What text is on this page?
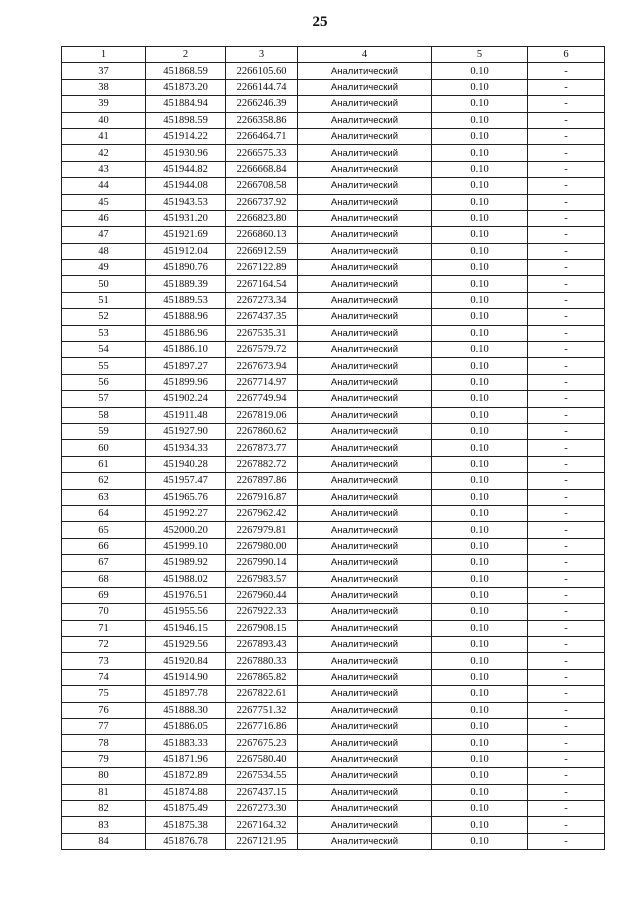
25
1	2	3	4	5	6
37	451868.59	2266105.60	Аналитический	0.10	-
38	451873.20	2266144.74	Аналитический	0.10	-
39	451884.94	2266246.39	Аналитический	0.10	-
40	451898.59	2266358.86	Аналитический	0.10	-
41	451914.22	2266464.71	Аналитический	0.10	-
42	451930.96	2266575.33	Аналитический	0.10	-
43	451944.82	2266668.84	Аналитический	0.10	-
44	451944.08	2266708.58	Аналитический	0.10	-
45	451943.53	2266737.92	Аналитический	0.10	-
46	451931.20	2266823.80	Аналитический	0.10	-
47	451921.69	2266860.13	Аналитический	0.10	-
48	451912.04	2266912.59	Аналитический	0.10	-
49	451890.76	2267122.89	Аналитический	0.10	-
50	451889.39	2267164.54	Аналитический	0.10	-
51	451889.53	2267273.34	Аналитический	0.10	-
52	451888.96	2267437.35	Аналитический	0.10	-
53	451886.96	2267535.31	Аналитический	0.10	-
54	451886.10	2267579.72	Аналитический	0.10	-
55	451897.27	2267673.94	Аналитический	0.10	-
56	451899.96	2267714.97	Аналитический	0.10	-
57	451902.24	2267749.94	Аналитический	0.10	-
58	451911.48	2267819.06	Аналитический	0.10	-
59	451927.90	2267860.62	Аналитический	0.10	-
60	451934.33	2267873.77	Аналитический	0.10	-
61	451940.28	2267882.72	Аналитический	0.10	-
62	451957.47	2267897.86	Аналитический	0.10	-
63	451965.76	2267916.87	Аналитический	0.10	-
64	451992.27	2267962.42	Аналитический	0.10	-
65	452000.20	2267979.81	Аналитический	0.10	-
66	451999.10	2267980.00	Аналитический	0.10	-
67	451989.92	2267990.14	Аналитический	0.10	-
68	451988.02	2267983.57	Аналитический	0.10	-
69	451976.51	2267960.44	Аналитический	0.10	-
70	451955.56	2267922.33	Аналитический	0.10	-
71	451946.15	2267908.15	Аналитический	0.10	-
72	451929.56	2267893.43	Аналитический	0.10	-
73	451920.84	2267880.33	Аналитический	0.10	-
74	451914.90	2267865.82	Аналитический	0.10	-
75	451897.78	2267822.61	Аналитический	0.10	-
76	451888.30	2267751.32	Аналитический	0.10	-
77	451886.05	2267716.86	Аналитический	0.10	-
78	451883.33	2267675.23	Аналитический	0.10	-
79	451871.96	2267580.40	Аналитический	0.10	-
80	451872.89	2267534.55	Аналитический	0.10	-
81	451874.88	2267437.15	Аналитический	0.10	-
82	451875.49	2267273.30	Аналитический	0.10	-
83	451875.38	2267164.32	Аналитический	0.10	-
84	451876.78	2267121.95	Аналитический	0.10	-
